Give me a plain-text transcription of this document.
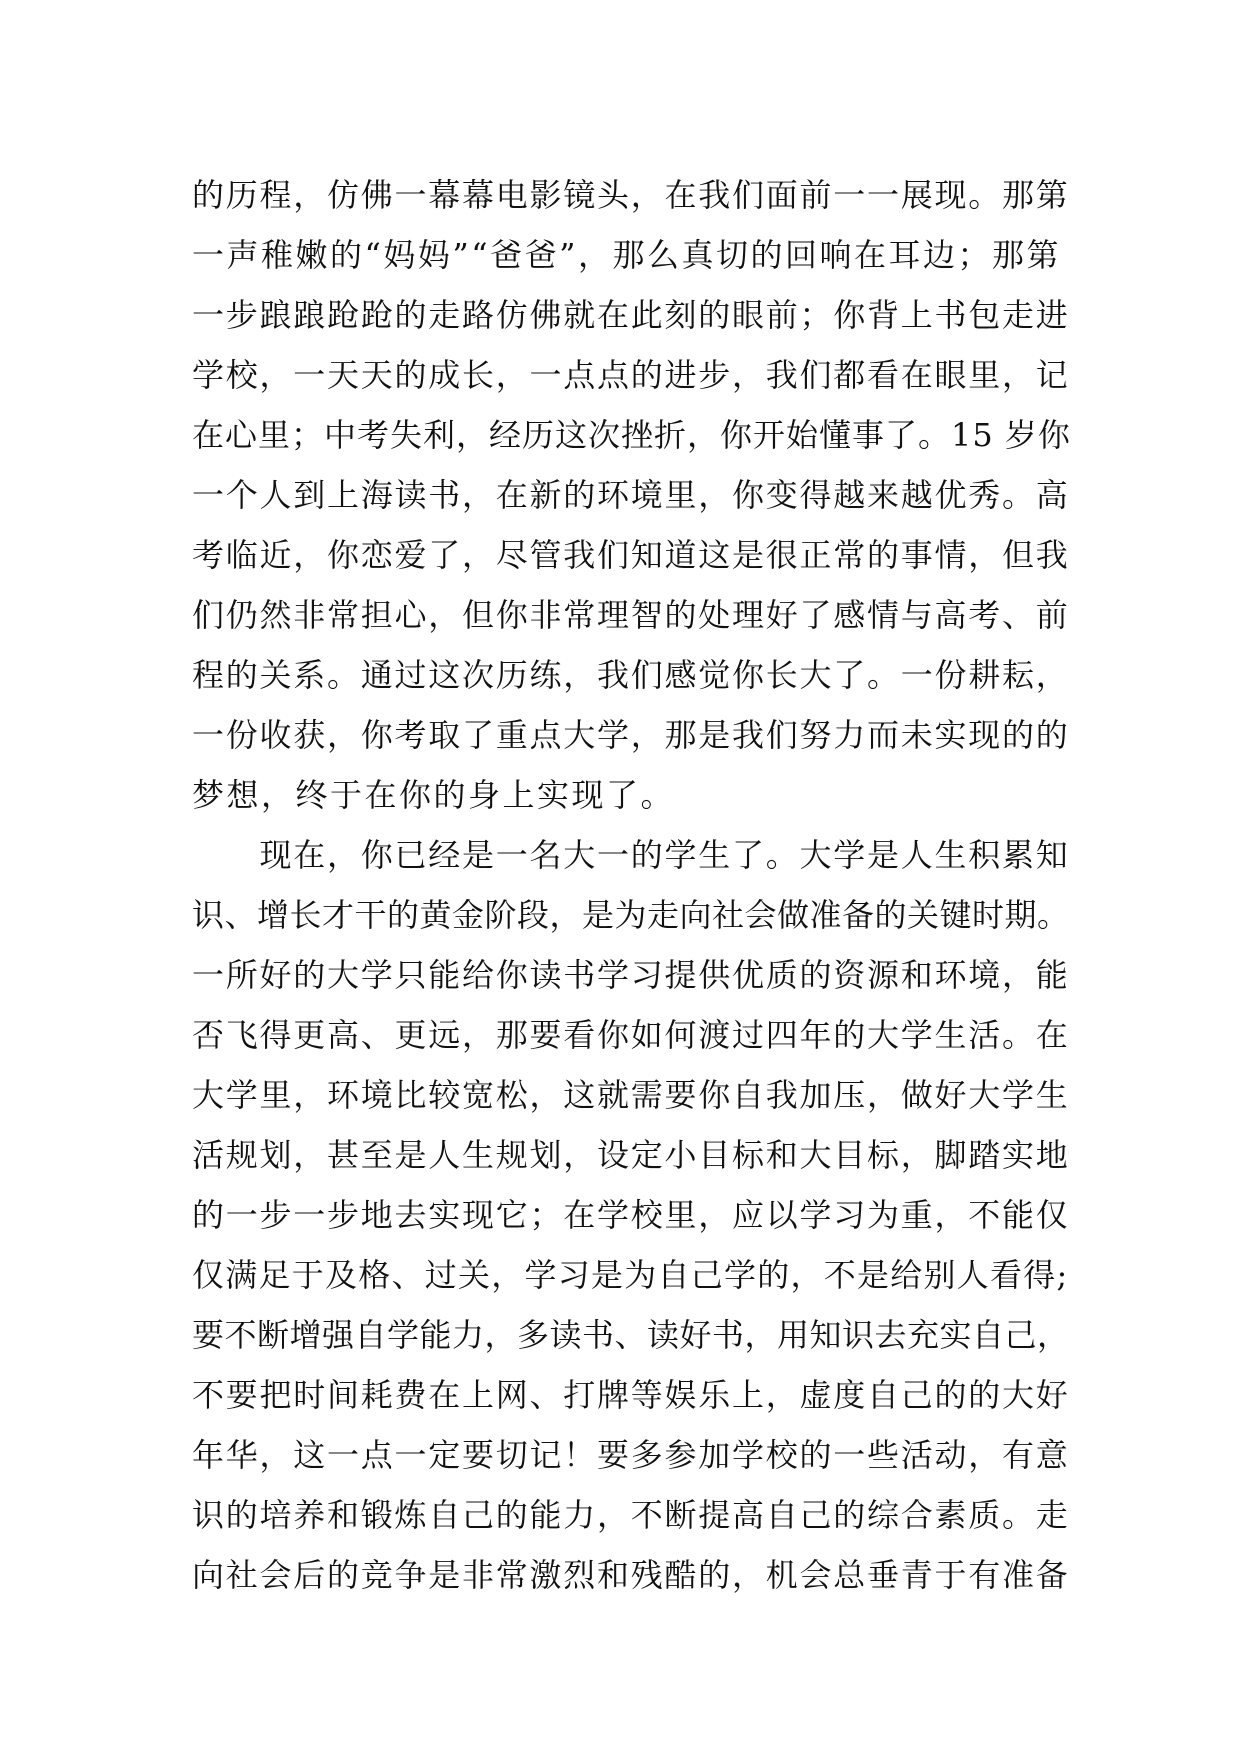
的历程，仿佛一幕幕电影镜头，在我们面前一一展现。那第
一声稚嫩的“妈妈”“爸爸”，那么真切的回响在耳边；那第
一步踉踉跄跄的走路仿佛就在此刻的眼前；你背上书包走进
学校，一天天的成长，一点点的进步，我们都看在眼里，记
在心里；中考失利，经历这次挫折，你开始懂事了。15 岁你
一个人到上海读书，在新的环境里，你变得越来越优秀。高
考临近，你恋爱了，尽管我们知道这是很正常的事情，但我
们仍然非常担心，但你非常理智的处理好了感情与高考、前
程的关系。通过这次历练，我们感觉你长大了。一份耕耘，
一份收获，你考取了重点大学，那是我们努力而未实现的的
梦想，终于在你的身上实现了。
　　现在，你已经是一名大一的学生了。大学是人生积累知
识、增长才干的黄金阶段，是为走向社会做准备的关键时期。
一所好的大学只能给你读书学习提供优质的资源和环境，能
否飞得更高、更远，那要看你如何渡过四年的大学生活。在
大学里，环境比较宽松，这就需要你自我加压，做好大学生
活规划，甚至是人生规划，设定小目标和大目标，脚踏实地
的一步一步地去实现它；在学校里，应以学习为重，不能仅
仅满足于及格、过关，学习是为自己学的，不是给别人看得;
要不断增强自学能力，多读书、读好书，用知识去充实自己，
不要把时间耗费在上网、打牌等娱乐上，虚度自己的的大好
年华，这一点一定要切记！要多参加学校的一些活动，有意
识的培养和锻炼自己的能力，不断提高自己的综合素质。走
向社会后的竞争是非常激烈和残酷的，机会总垂青于有准备
